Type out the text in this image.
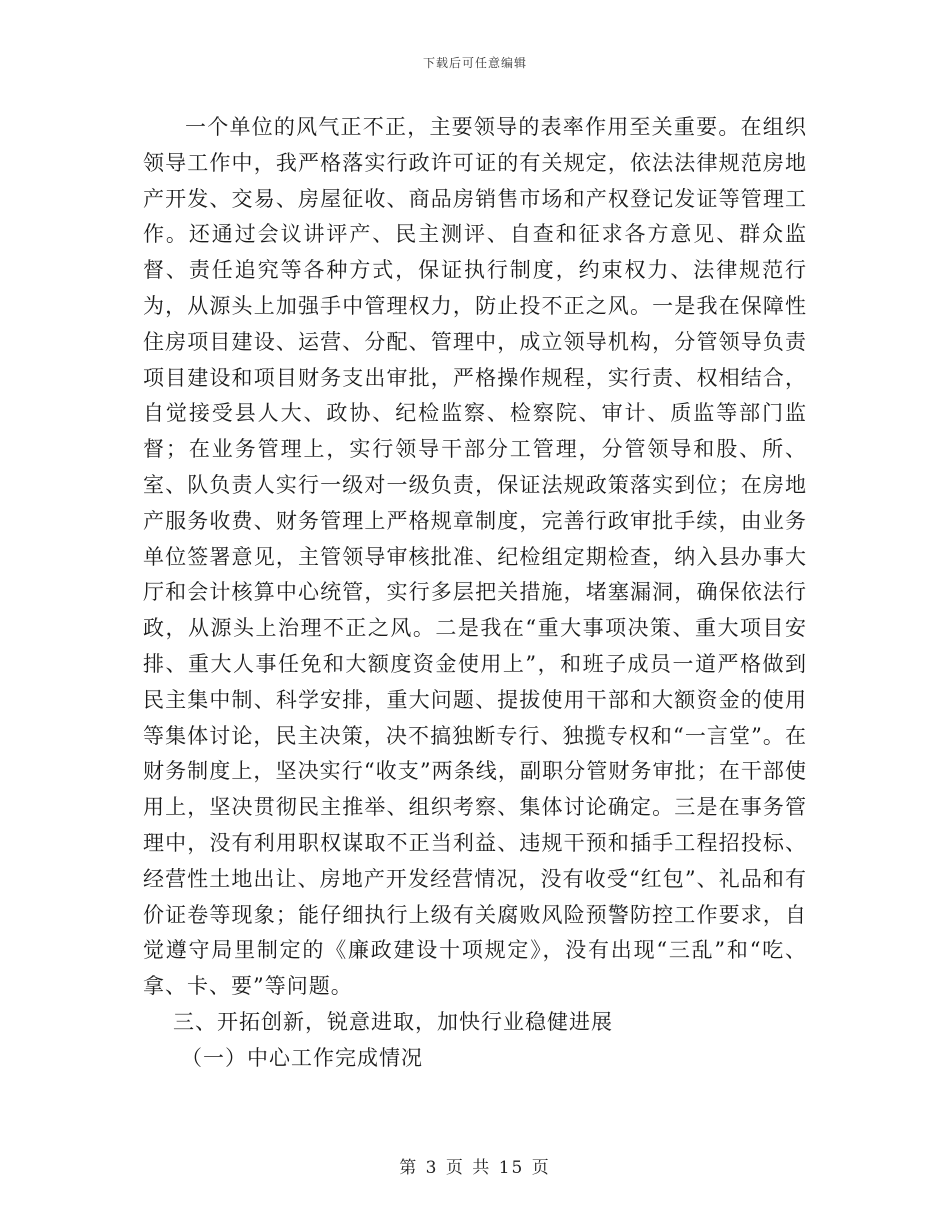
下载后可任意编辑

一个单位的风气正不正，主要领导的表率作用至关重要。在组织领导工作中，我严格落实行政许可证的有关规定，依法法律规范房地产开发、交易、房屋征收、商品房销售市场和产权登记发证等管理工作。还通过会议讲评产、民主测评、自查和征求各方意见、群众监督、责任追究等各种方式，保证执行制度，约束权力、法律规范行为，从源头上加强手中管理权力，防止投不正之风。一是我在保障性住房项目建设、运营、分配、管理中，成立领导机构，分管领导负责项目建设和项目财务支出审批，严格操作规程，实行责、权相结合，自觉接受县人大、政协、纪检监察、检察院、审计、质监等部门监督；在业务管理上，实行领导干部分工管理，分管领导和股、所、室、队负责人实行一级对一级负责，保证法规政策落实到位；在房地产服务收费、财务管理上严格规章制度，完善行政审批手续，由业务单位签署意见，主管领导审核批准、纪检组定期检查，纳入县办事大厅和会计核算中心统管，实行多层把关措施，堵塞漏洞，确保依法行政，从源头上治理不正之风。二是我在“重大事项决策、重大项目安排、重大人事任免和大额度资金使用上”，和班子成员一道严格做到民主集中制、科学安排，重大问题、提拔使用干部和大额资金的使用等集体讨论，民主决策，决不搞独断专行、独揽专权和“一言堂”。在财务制度上，坚决实行“收支”两条线，副职分管财务审批；在干部使用上，坚决贯彻民主推举、组织考察、集体讨论确定。三是在事务管理中，没有利用职权谋取不正当利益、违规干预和插手工程招投标、经营性土地出让、房地产开发经营情况，没有收受“红包”、礼品和有价证卷等现象；能仔细执行上级有关腐败风险预警防控工作要求，自觉遵守局里制定的《廉政建设十项规定》，没有出现“三乱”和“吃、拿、卡、要”等问题。

三、开拓创新，锐意进取，加快行业稳健进展

（一）中心工作完成情况

第 3 页 共 15 页
